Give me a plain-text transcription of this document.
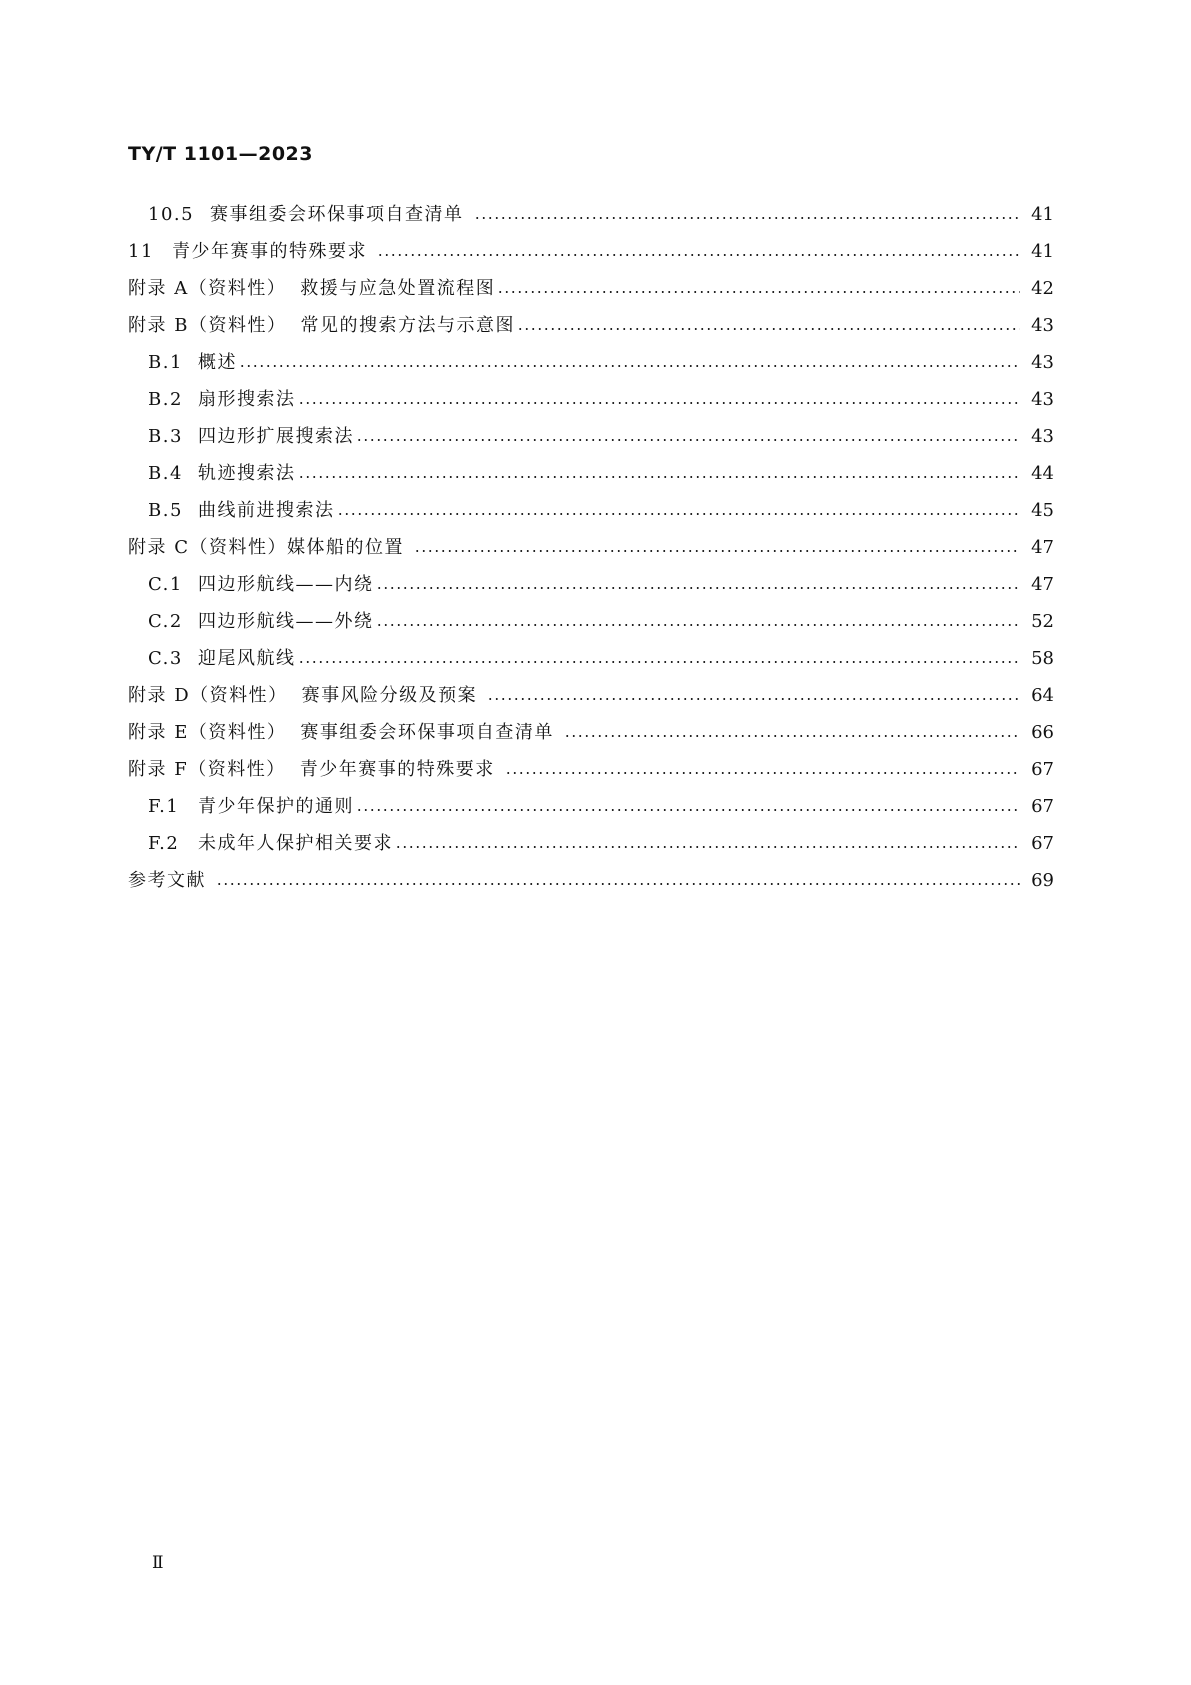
TY/T 1101—2023
10.5 赛事组委会环保事项自查清单	41
11	青少年赛事的特殊要求	41
附录 A（资料性） 救援与应急处置流程图	42
附录 B（资料性） 常见的搜索方法与示意图	43
B.1 概述	43
B.2 扇形搜索法	43
B.3 四边形扩展搜索法	43
B.4 轨迹搜索法	44
B.5 曲线前进搜索法	45
附录 C（资料性） 媒体船的位置	47
C.1 四边形航线——内绕	47
C.2 四边形航线——外绕	52
C.3 迎尾风航线	58
附录 D（资料性） 赛事风险分级及预案	64
附录 E（资料性） 赛事组委会环保事项自查清单	66
附录 F（资料性） 青少年赛事的特殊要求	67
F.1	青少年保护的通则	67
F.2	未成年人保护相关要求	67
参考文献	69
Ⅱ
